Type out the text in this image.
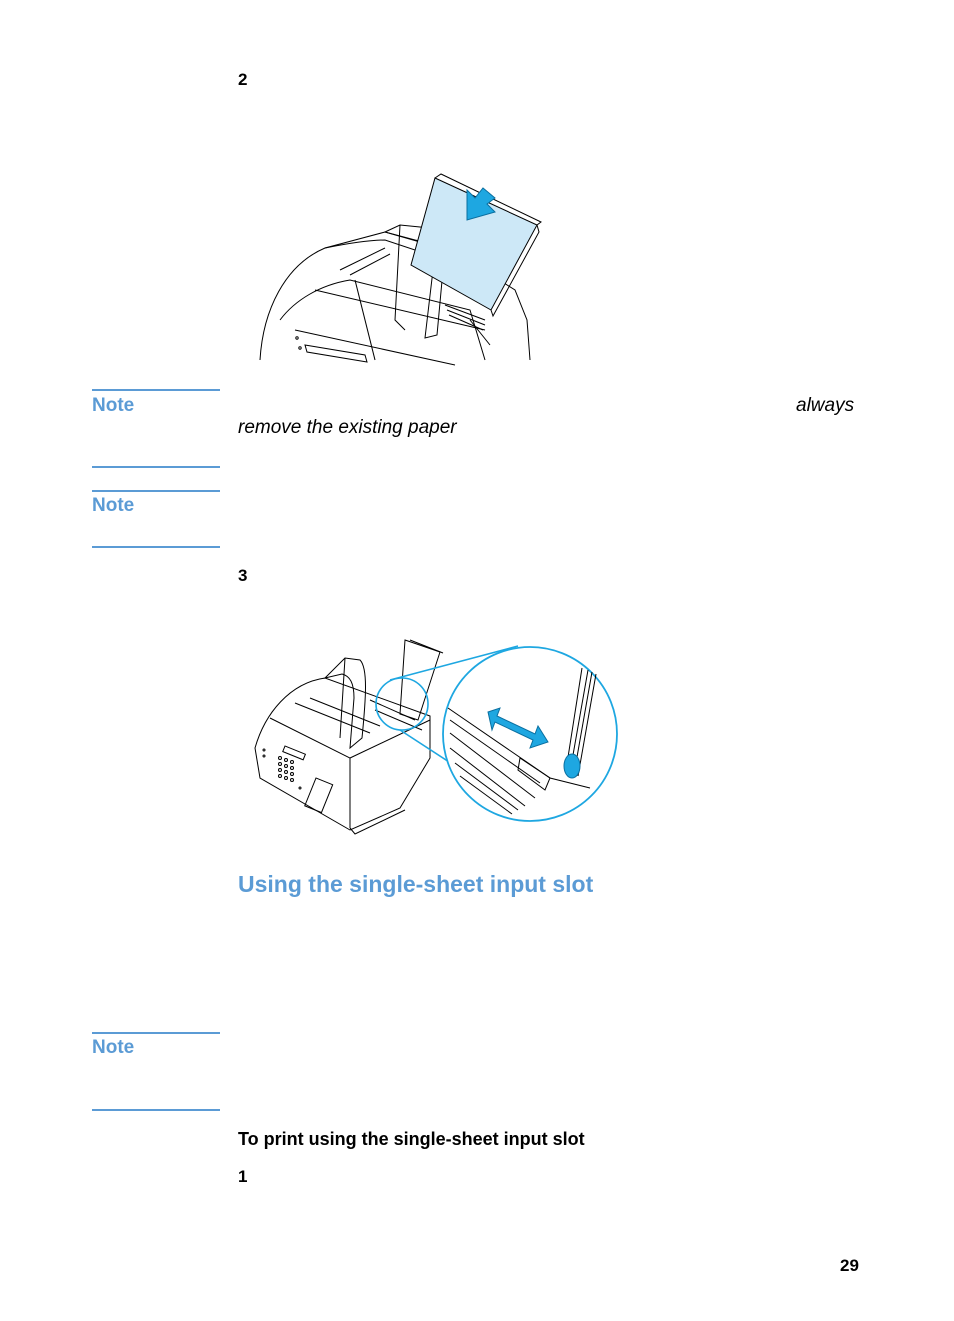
2
Note	always
remove the existing paper
Note
3
Using the single-sheet input slot
Note
To print using the single-sheet input slot
1
29
